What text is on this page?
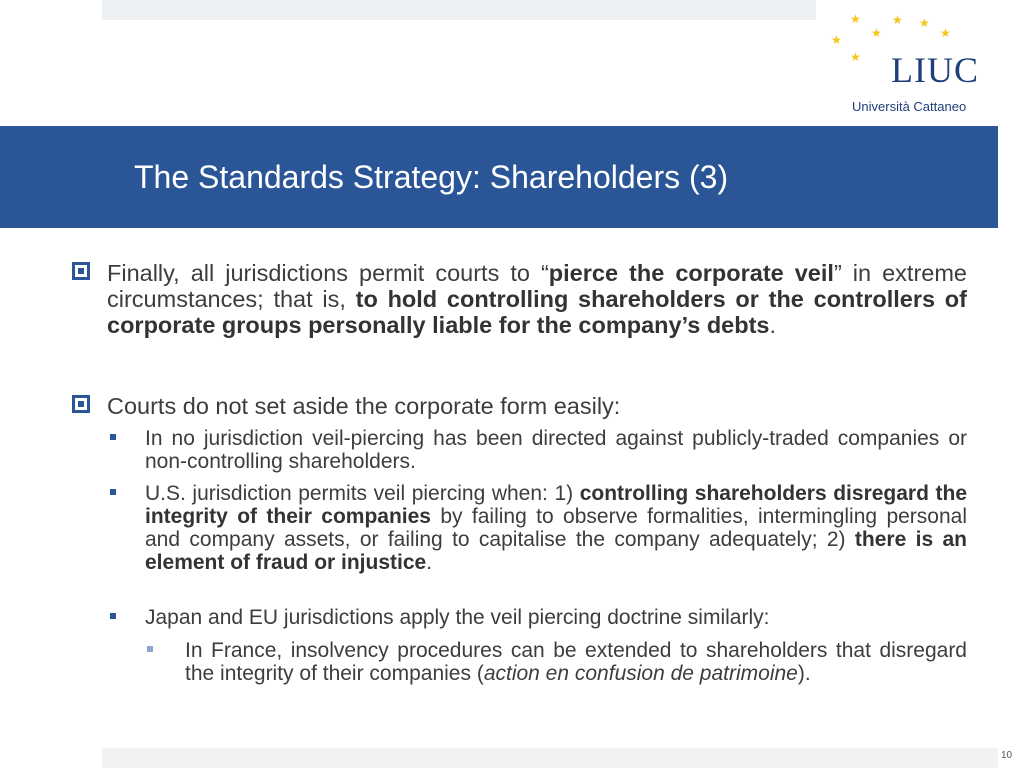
★
★
★ ★
★
★
★ LIUC
Università Cattaneo
The Standards Strategy: Shareholders (3)
Finally, all jurisdictions permit courts to “pierce the corporate veil” in extreme circumstances; that is, to hold controlling shareholders or the controllers of corporate groups personally liable for the company’s debts.
Courts do not set aside the corporate form easily:
In no jurisdiction veil-piercing has been directed against publicly-traded companies or non-controlling shareholders.
U.S. jurisdiction permits veil piercing when: 1) controlling shareholders disregard the integrity of their companies by failing to observe formalities, intermingling personal and company assets, or failing to capitalise the company adequately; 2) there is an element of fraud or injustice.
Japan and EU jurisdictions apply the veil piercing doctrine similarly:
In France, insolvency procedures can be extended to shareholders that disregard the integrity of their companies (action en confusion de patrimoine).
10
